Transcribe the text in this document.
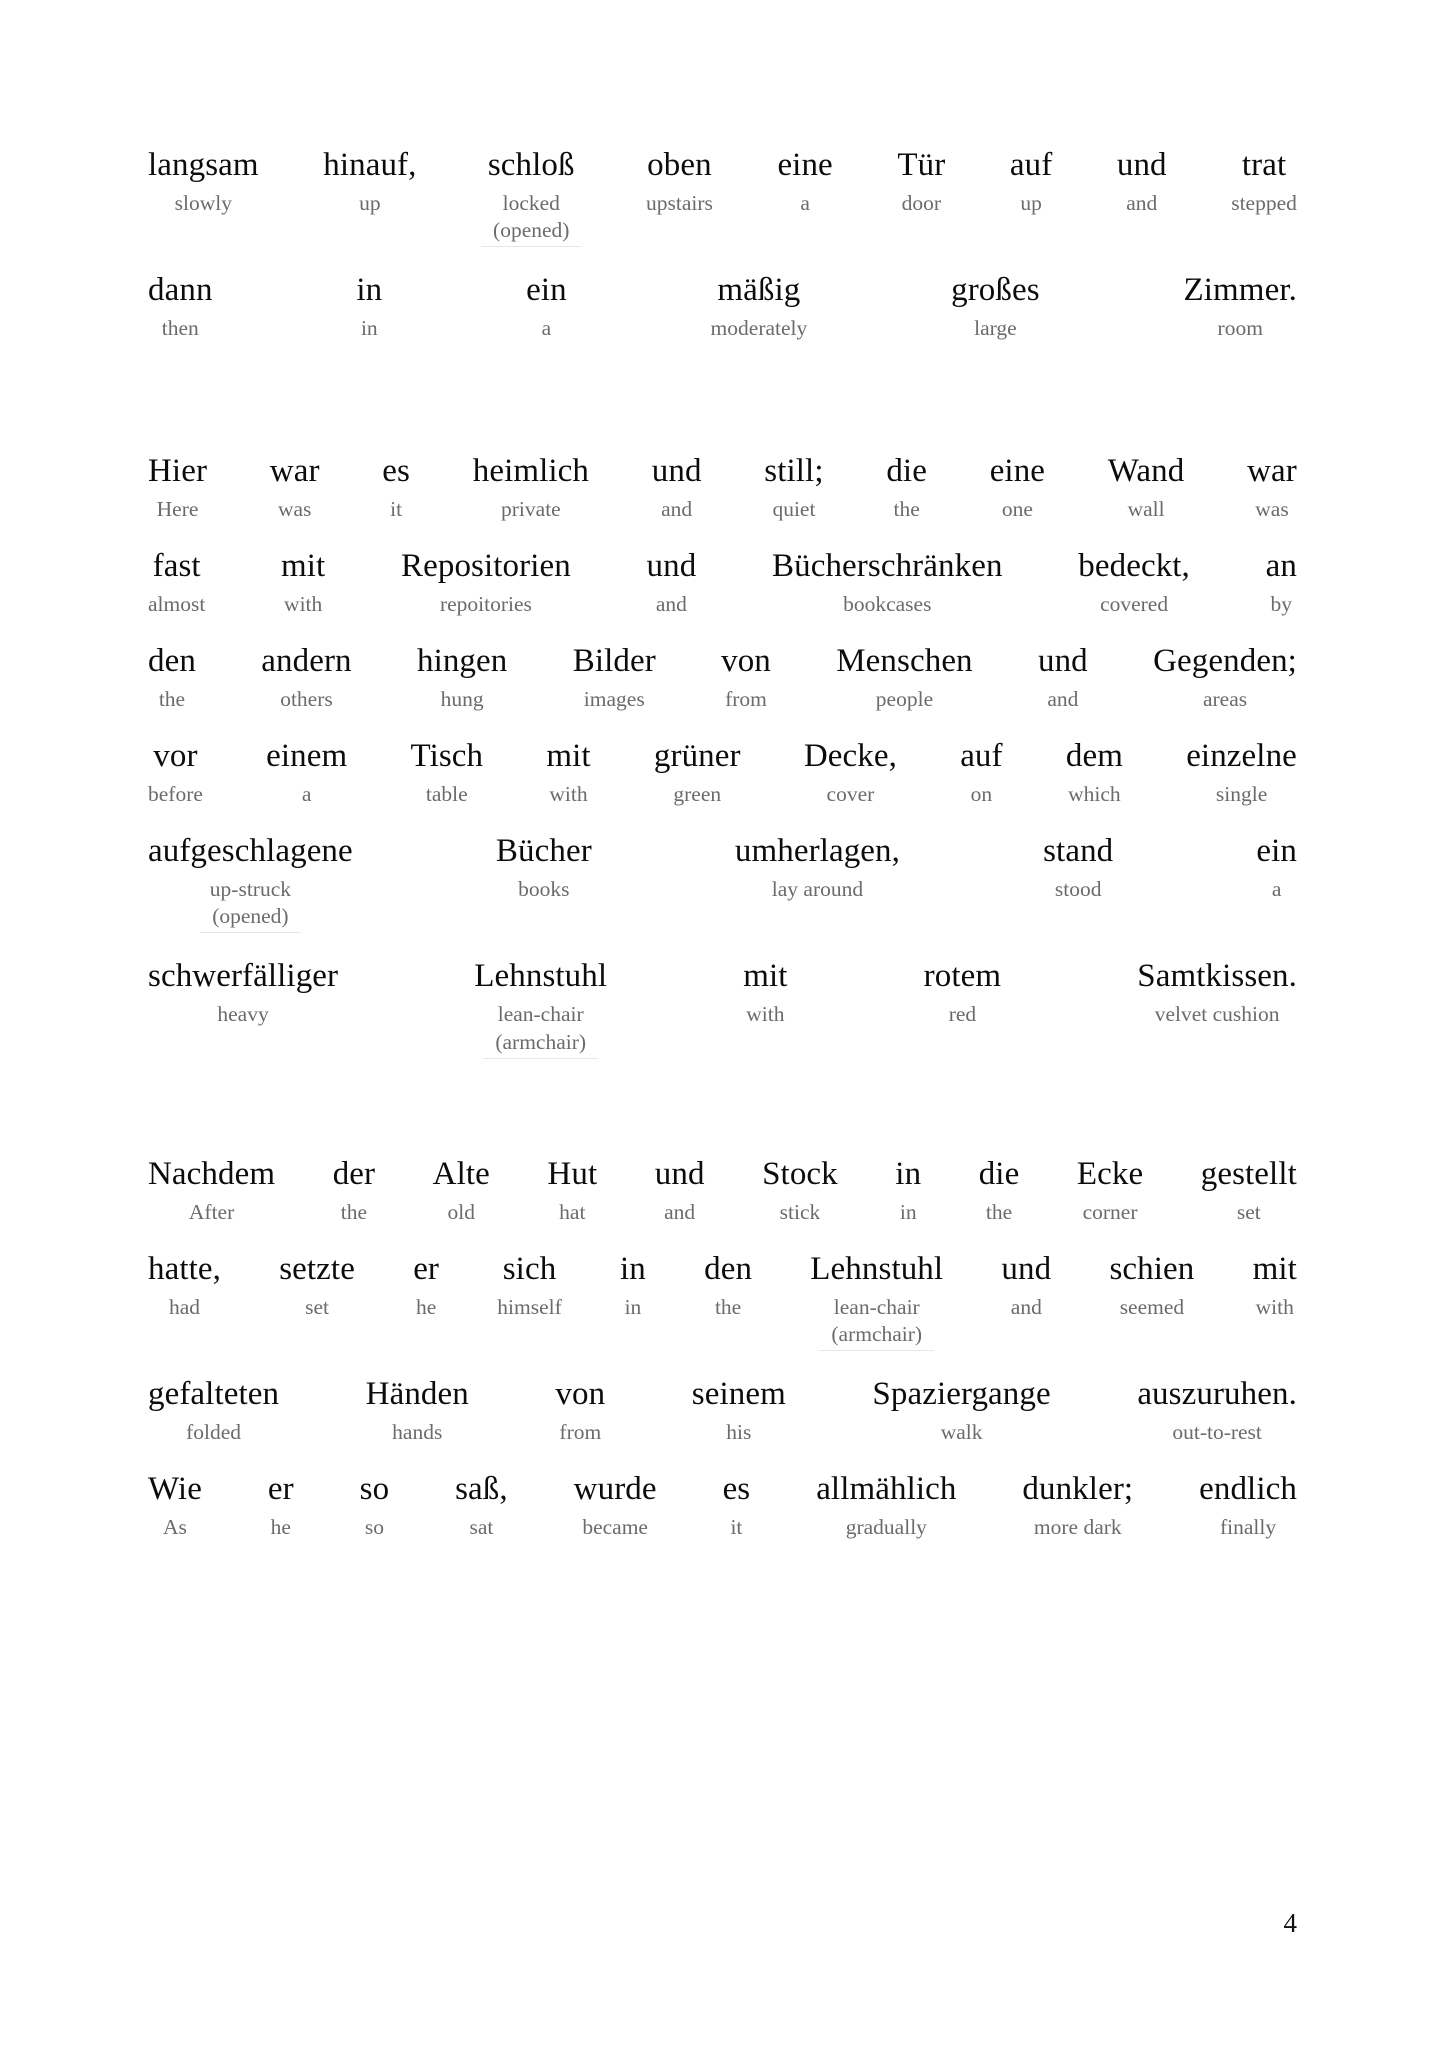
langsam
slowly
hinauf,
up
schloß
locked
(opened)
oben
upstairs
eine
a
Tür
door
auf
up
und
and
trat
stepped
dann
then
in
in
ein
a
mäßig
moderately
großes
large
Zimmer.
room
Hier
Here
war
was
es
it
heimlich
private
und
and
still;
quiet
die
the
eine
one
Wand
wall
war
was
fast
almost
mit
with
Repositorien
repoitories
und
and
Bücherschränken
bookcases
bedeckt,
covered
an
by
den
the
andern
others
hingen
hung
Bilder
images
von
from
Menschen
people
und
and
Gegenden;
areas
vor
before
einem
a
Tisch
table
mit
with
grüner
green
Decke,
cover
auf
on
dem
which
einzelne
single
aufgeschlagene
up-struck
(opened)
Bücher
books
umherlagen,
lay around
stand
stood
ein
a
schwerfälliger
heavy
Lehnstuhl
lean-chair
(armchair)
mit
with
rotem
red
Samtkissen.
velvet cushion
Nachdem
After
der
the
Alte
old
Hut
hat
und
and
Stock
stick
in
in
die
the
Ecke
corner
gestellt
set
hatte,
had
setzte
set
er
he
sich
himself
in
in
den
the
Lehnstuhl
lean-chair
(armchair)
und
and
schien
seemed
mit
with
gefalteten
folded
Händen
hands
von
from
seinem
his
Spaziergange
walk
auszuruhen.
out-to-rest
Wie
As
er
he
so
so
saß,
sat
wurde
became
es
it
allmählich
gradually
dunkler;
more dark
endlich
finally
4
